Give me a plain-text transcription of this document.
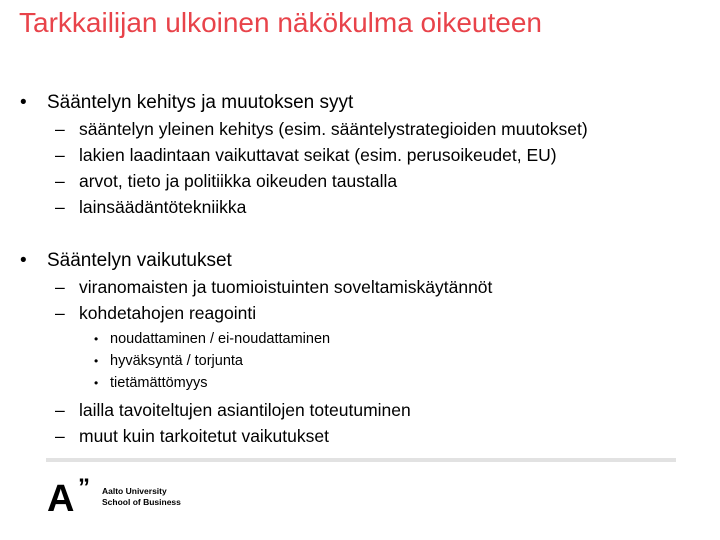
Tarkkailijan ulkoinen näkökulma oikeuteen
• Sääntelyn kehitys ja muutoksen syyt
– sääntelyn yleinen kehitys (esim. sääntelystrategioiden muutokset)
– lakien laadintaan vaikuttavat seikat (esim. perusoikeudet, EU)
– arvot, tieto ja politiikka oikeuden taustalla
– lainsäädäntötekniikka
• Sääntelyn vaikutukset
– viranomaisten ja tuomioistuinten soveltamiskäytännöt
– kohdetahojen reagointi
• noudattaminen / ei-noudattaminen
• hyväksyntä / torjunta
• tietämättömyys
– lailla tavoiteltujen asiantilojen toteutuminen
– muut kuin tarkoitetut vaikutukset
A ” Aalto University
School of Business
